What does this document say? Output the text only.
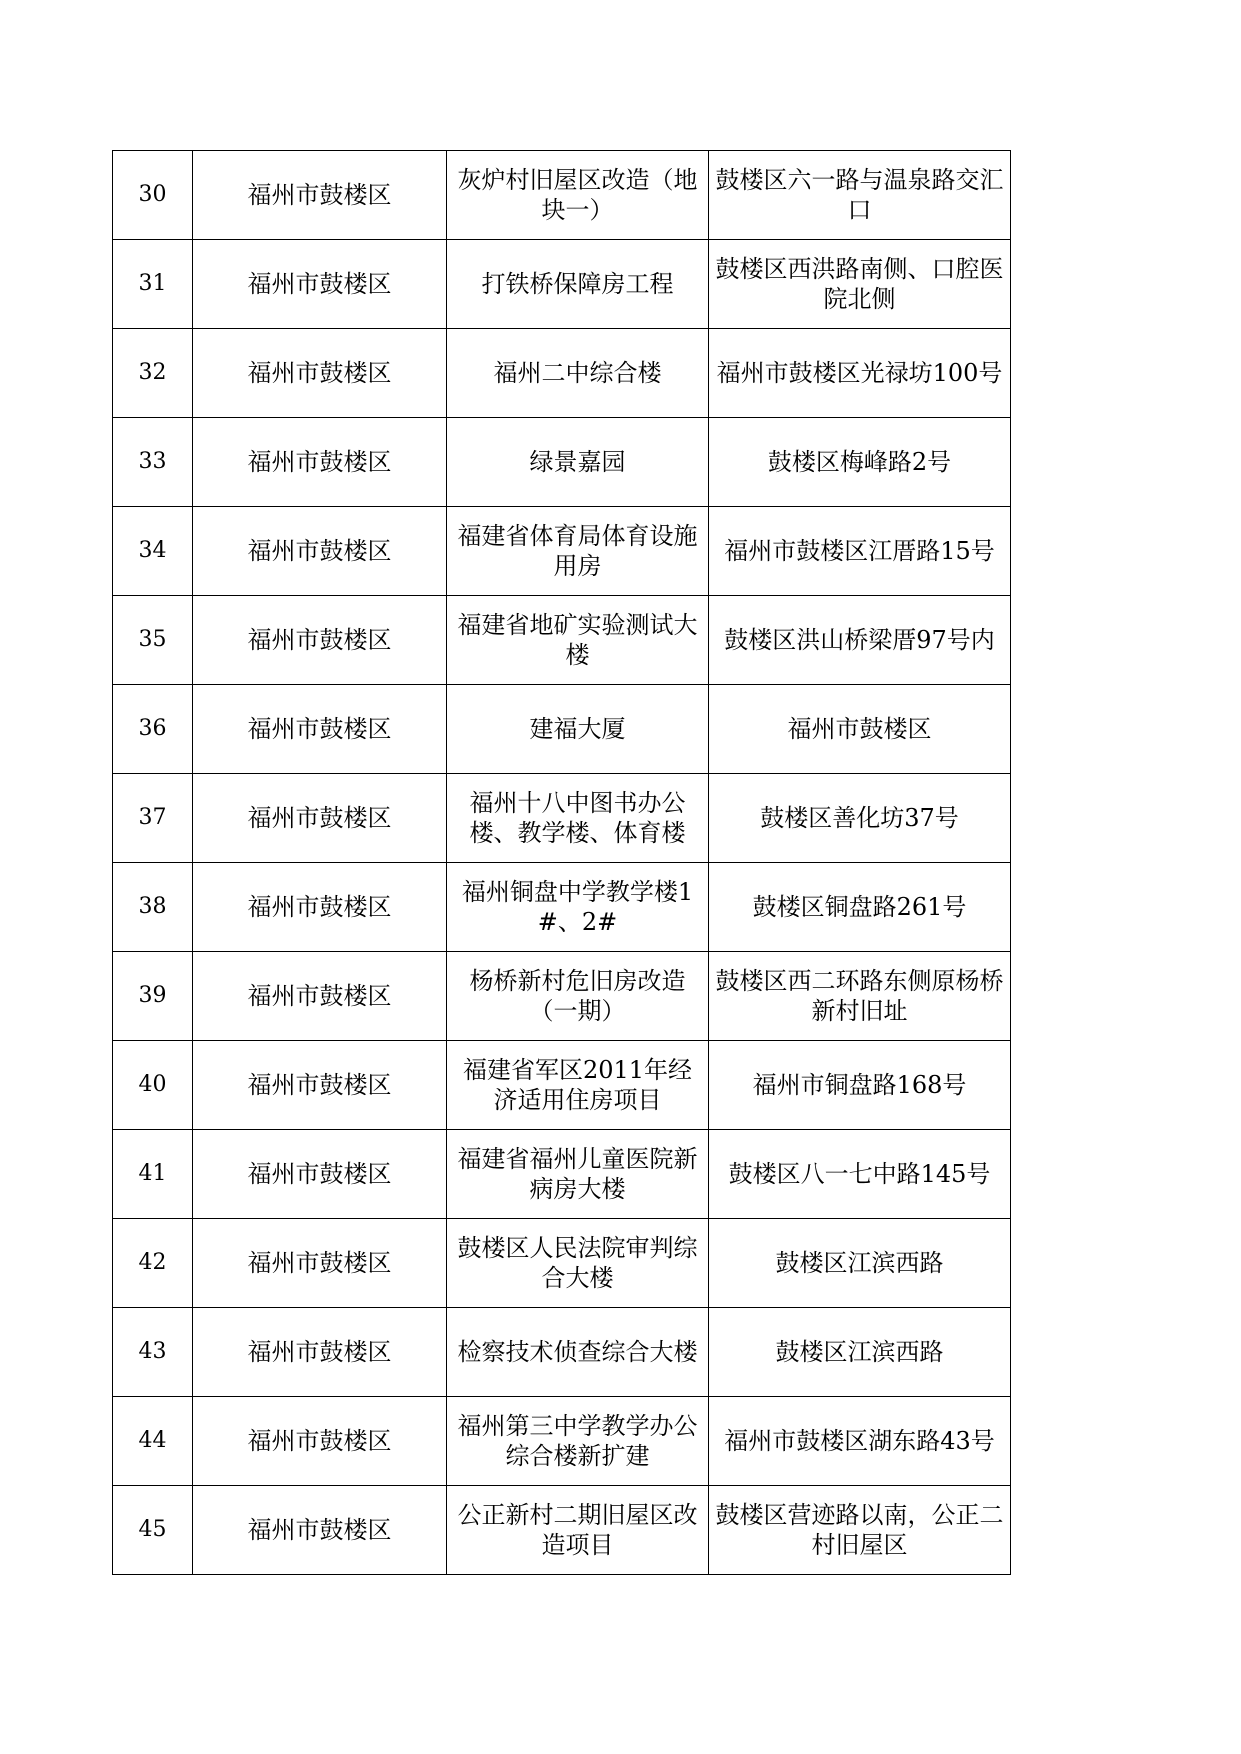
30	福州市鼓楼区	灰炉村旧屋区改造（地块一）	鼓楼区六一路与温泉路交汇口
31	福州市鼓楼区	打铁桥保障房工程	鼓楼区西洪路南侧、口腔医院北侧
32	福州市鼓楼区	福州二中综合楼	福州市鼓楼区光禄坊100号
33	福州市鼓楼区	绿景嘉园	鼓楼区梅峰路2号
34	福州市鼓楼区	福建省体育局体育设施用房	福州市鼓楼区江厝路15号
35	福州市鼓楼区	福建省地矿实验测试大楼	鼓楼区洪山桥梁厝97号内
36	福州市鼓楼区	建福大厦	福州市鼓楼区
37	福州市鼓楼区	福州十八中图书办公楼、教学楼、体育楼	鼓楼区善化坊37号
38	福州市鼓楼区	福州铜盘中学教学楼1#、2#	鼓楼区铜盘路261号
39	福州市鼓楼区	杨桥新村危旧房改造（一期）	鼓楼区西二环路东侧原杨桥新村旧址
40	福州市鼓楼区	福建省军区2011年经济适用住房项目	福州市铜盘路168号
41	福州市鼓楼区	福建省福州儿童医院新病房大楼	鼓楼区八一七中路145号
42	福州市鼓楼区	鼓楼区人民法院审判综合大楼	鼓楼区江滨西路
43	福州市鼓楼区	检察技术侦查综合大楼	鼓楼区江滨西路
44	福州市鼓楼区	福州第三中学教学办公综合楼新扩建	福州市鼓楼区湖东路43号
45	福州市鼓楼区	公正新村二期旧屋区改造项目	鼓楼区营迹路以南，公正二村旧屋区
